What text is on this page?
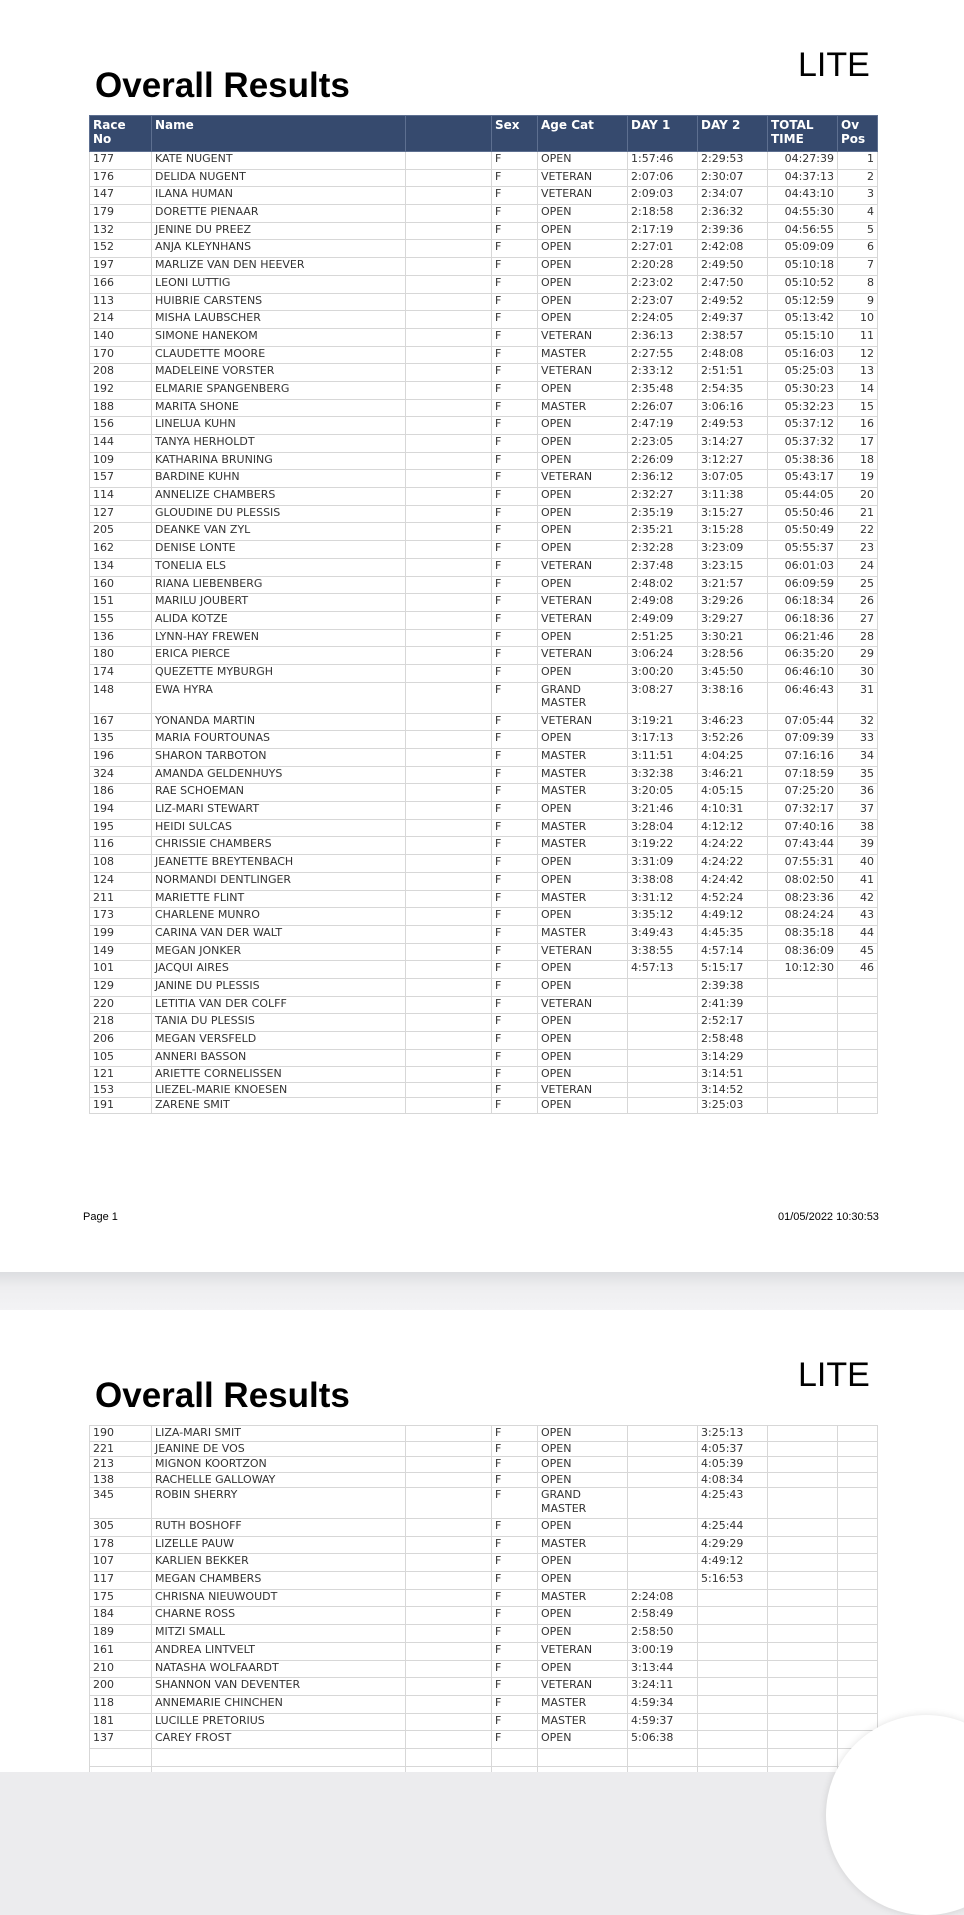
Overall Results
LITE
Race No	Name		Sex	Age Cat	DAY 1	DAY 2	TOTAL TIME	Ov Pos
177	KATE NUGENT		F	OPEN	1:57:46	2:29:53	04:27:39	1
176	DELIDA NUGENT		F	VETERAN	2:07:06	2:30:07	04:37:13	2
147	ILANA HUMAN		F	VETERAN	2:09:03	2:34:07	04:43:10	3
179	DORETTE PIENAAR		F	OPEN	2:18:58	2:36:32	04:55:30	4
132	JENINE DU PREEZ		F	OPEN	2:17:19	2:39:36	04:56:55	5
152	ANJA KLEYNHANS		F	OPEN	2:27:01	2:42:08	05:09:09	6
197	MARLIZE VAN DEN HEEVER		F	OPEN	2:20:28	2:49:50	05:10:18	7
166	LEONI LUTTIG		F	OPEN	2:23:02	2:47:50	05:10:52	8
113	HUIBRIE CARSTENS		F	OPEN	2:23:07	2:49:52	05:12:59	9
214	MISHA LAUBSCHER		F	OPEN	2:24:05	2:49:37	05:13:42	10
140	SIMONE HANEKOM		F	VETERAN	2:36:13	2:38:57	05:15:10	11
170	CLAUDETTE MOORE		F	MASTER	2:27:55	2:48:08	05:16:03	12
208	MADELEINE VORSTER		F	VETERAN	2:33:12	2:51:51	05:25:03	13
192	ELMARIE SPANGENBERG		F	OPEN	2:35:48	2:54:35	05:30:23	14
188	MARITA SHONE		F	MASTER	2:26:07	3:06:16	05:32:23	15
156	LINELUA KUHN		F	OPEN	2:47:19	2:49:53	05:37:12	16
144	TANYA HERHOLDT		F	OPEN	2:23:05	3:14:27	05:37:32	17
109	KATHARINA BRUNING		F	OPEN	2:26:09	3:12:27	05:38:36	18
157	BARDINE KUHN		F	VETERAN	2:36:12	3:07:05	05:43:17	19
114	ANNELIZE CHAMBERS		F	OPEN	2:32:27	3:11:38	05:44:05	20
127	GLOUDINE DU PLESSIS		F	OPEN	2:35:19	3:15:27	05:50:46	21
205	DEANKE VAN ZYL		F	OPEN	2:35:21	3:15:28	05:50:49	22
162	DENISE LONTE		F	OPEN	2:32:28	3:23:09	05:55:37	23
134	TONELIA ELS		F	VETERAN	2:37:48	3:23:15	06:01:03	24
160	RIANA LIEBENBERG		F	OPEN	2:48:02	3:21:57	06:09:59	25
151	MARILU JOUBERT		F	VETERAN	2:49:08	3:29:26	06:18:34	26
155	ALIDA KOTZE		F	VETERAN	2:49:09	3:29:27	06:18:36	27
136	LYNN-HAY FREWEN		F	OPEN	2:51:25	3:30:21	06:21:46	28
180	ERICA PIERCE		F	VETERAN	3:06:24	3:28:56	06:35:20	29
174	QUEZETTE MYBURGH		F	OPEN	3:00:20	3:45:50	06:46:10	30
148	EWA HYRA		F	GRAND MASTER	3:08:27	3:38:16	06:46:43	31
167	YONANDA MARTIN		F	VETERAN	3:19:21	3:46:23	07:05:44	32
135	MARIA FOURTOUNAS		F	OPEN	3:17:13	3:52:26	07:09:39	33
196	SHARON TARBOTON		F	MASTER	3:11:51	4:04:25	07:16:16	34
324	AMANDA GELDENHUYS		F	MASTER	3:32:38	3:46:21	07:18:59	35
186	RAE SCHOEMAN		F	MASTER	3:20:05	4:05:15	07:25:20	36
194	LIZ-MARI STEWART		F	OPEN	3:21:46	4:10:31	07:32:17	37
195	HEIDI SULCAS		F	MASTER	3:28:04	4:12:12	07:40:16	38
116	CHRISSIE CHAMBERS		F	MASTER	3:19:22	4:24:22	07:43:44	39
108	JEANETTE BREYTENBACH		F	OPEN	3:31:09	4:24:22	07:55:31	40
124	NORMANDI DENTLINGER		F	OPEN	3:38:08	4:24:42	08:02:50	41
211	MARIETTE FLINT		F	MASTER	3:31:12	4:52:24	08:23:36	42
173	CHARLENE MUNRO		F	OPEN	3:35:12	4:49:12	08:24:24	43
199	CARINA VAN DER WALT		F	MASTER	3:49:43	4:45:35	08:35:18	44
149	MEGAN JONKER		F	VETERAN	3:38:55	4:57:14	08:36:09	45
101	JACQUI AIRES		F	OPEN	4:57:13	5:15:17	10:12:30	46
129	JANINE DU PLESSIS		F	OPEN		2:39:38		
220	LETITIA VAN DER COLFF		F	VETERAN		2:41:39		
218	TANIA DU PLESSIS		F	OPEN		2:52:17		
206	MEGAN VERSFELD		F	OPEN		2:58:48		
105	ANNERI BASSON		F	OPEN		3:14:29		
121	ARIETTE CORNELISSEN		F	OPEN		3:14:51		
153	LIEZEL-MARIE KNOESEN		F	VETERAN		3:14:52		
191	ZARENE SMIT		F	OPEN		3:25:03		
Page 1	01/05/2022 10:30:53
Overall Results
LITE
190	LIZA-MARI SMIT		F	OPEN		3:25:13		
221	JEANINE DE VOS		F	OPEN		4:05:37		
213	MIGNON KOORTZON		F	OPEN		4:05:39		
138	RACHELLE GALLOWAY		F	OPEN		4:08:34		
345	ROBIN SHERRY		F	GRAND MASTER		4:25:43		
305	RUTH BOSHOFF		F	OPEN		4:25:44		
178	LIZELLE PAUW		F	MASTER		4:29:29		
107	KARLIEN BEKKER		F	OPEN		4:49:12		
117	MEGAN CHAMBERS		F	OPEN		5:16:53		
175	CHRISNA NIEUWOUDT		F	MASTER	2:24:08			
184	CHARNE ROSS		F	OPEN	2:58:49			
189	MITZI SMALL		F	OPEN	2:58:50			
161	ANDREA LINTVELT		F	VETERAN	3:00:19			
210	NATASHA WOLFAARDT		F	OPEN	3:13:44			
200	SHANNON VAN DEVENTER		F	VETERAN	3:24:11			
118	ANNEMARIE CHINCHEN		F	MASTER	4:59:34			
181	LUCILLE PRETORIUS		F	MASTER	4:59:37			
137	CAREY FROST		F	OPEN	5:06:38			
